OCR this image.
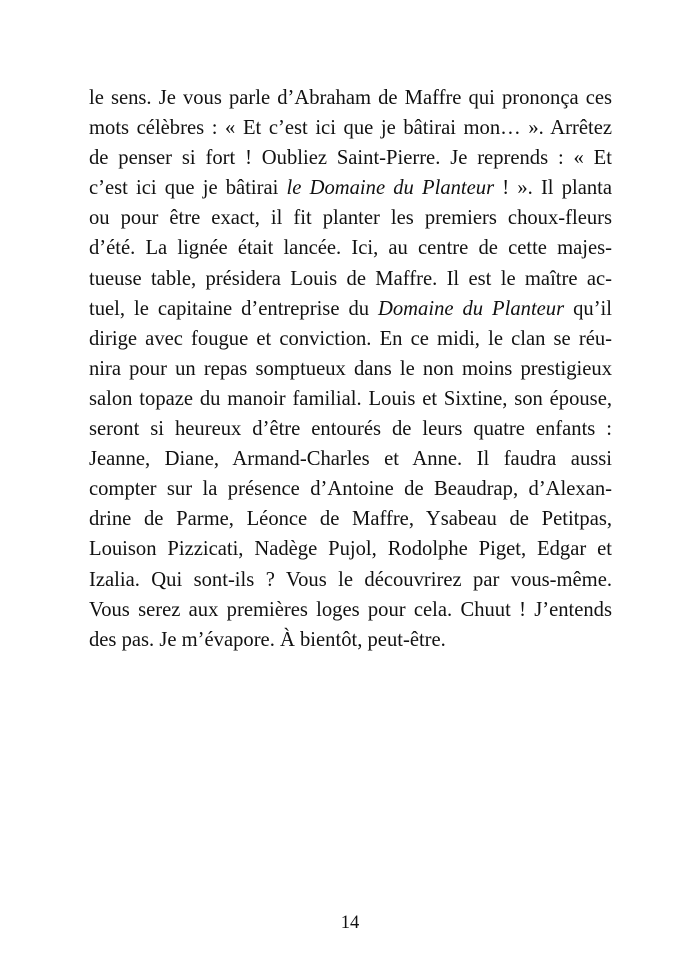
le sens. Je vous parle d’Abraham de Maffre qui prononça ces
mots célèbres : « Et c’est ici que je bâtirai mon… ». Arrêtez
de penser si fort ! Oubliez Saint-Pierre. Je reprends : « Et
c’est ici que je bâtirai le Domaine du Planteur ! ». Il planta
ou pour être exact, il fit planter les premiers choux-fleurs
d’été. La lignée était lancée. Ici, au centre de cette majes-
tueuse table, présidera Louis de Maffre. Il est le maître ac-
tuel, le capitaine d’entreprise du Domaine du Planteur qu’il
dirige avec fougue et conviction. En ce midi, le clan se réu-
nira pour un repas somptueux dans le non moins prestigieux
salon topaze du manoir familial. Louis et Sixtine, son épouse,
seront si heureux d’être entourés de leurs quatre enfants :
Jeanne, Diane, Armand-Charles et Anne. Il faudra aussi
compter sur la présence d’Antoine de Beaudrap, d’Alexan-
drine de Parme, Léonce de Maffre, Ysabeau de Petitpas,
Louison Pizzicati, Nadège Pujol, Rodolphe Piget, Edgar et
Izalia. Qui sont-ils ? Vous le découvrirez par vous-même.
Vous serez aux premières loges pour cela. Chuut ! J’entends
des pas. Je m’évapore. À bientôt, peut-être.
14
